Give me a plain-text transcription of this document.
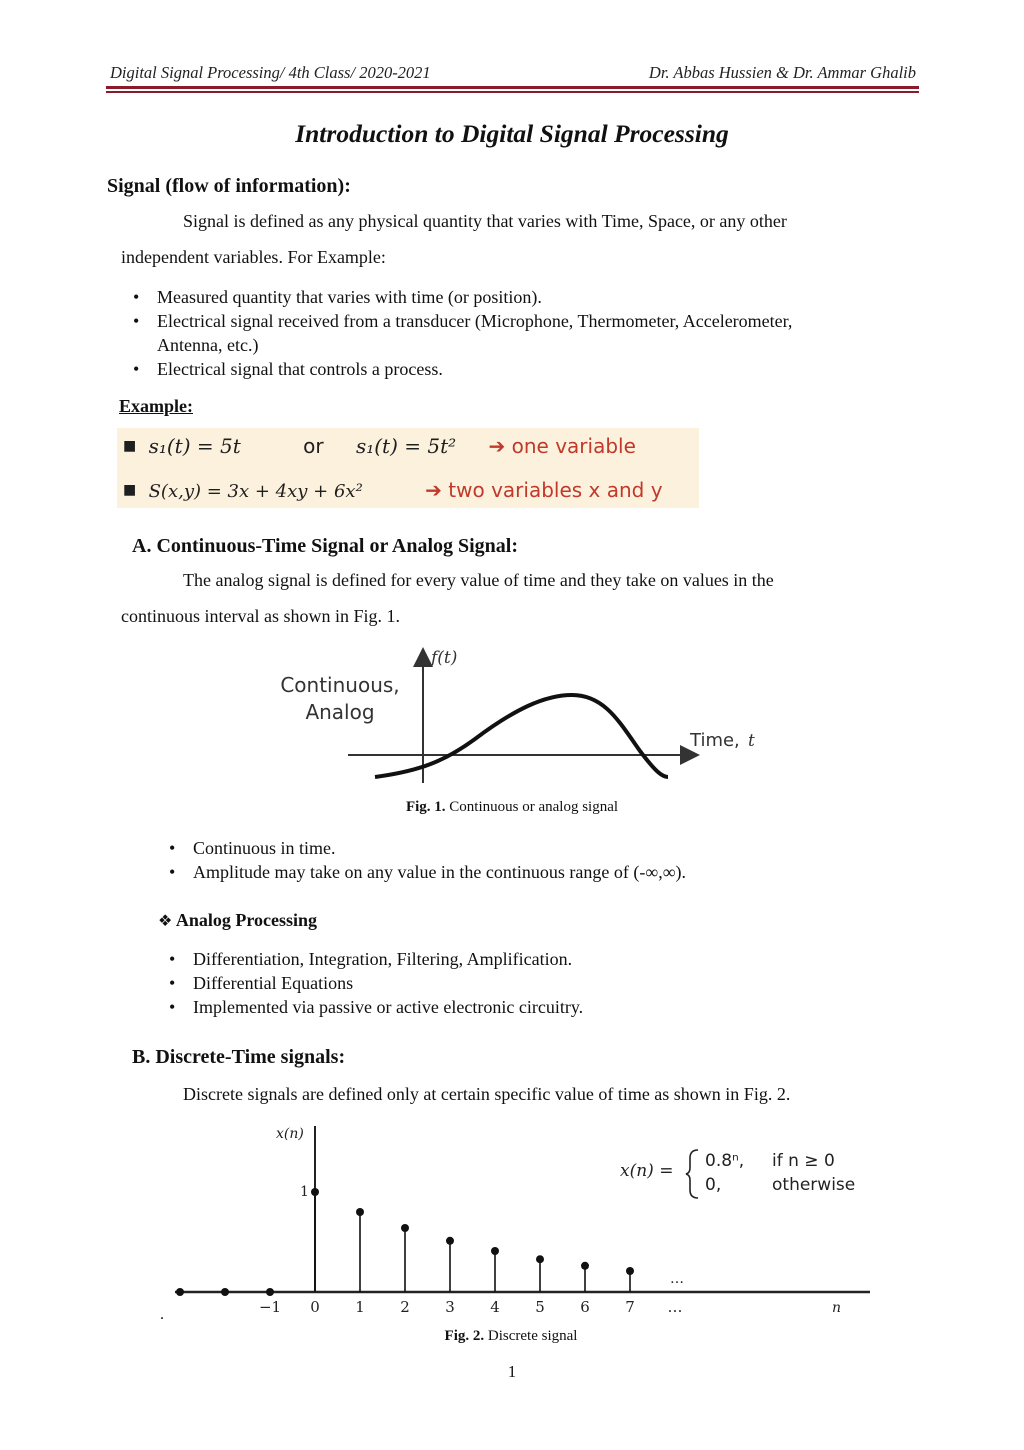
Digital Signal Processing/ 4th Class/ 2020-2021	Dr. Abbas Hussien & Dr. Ammar Ghalib
Introduction to Digital Signal Processing
Signal (flow of information):
Signal is defined as any physical quantity that varies with Time, Space, or any other
independent variables. For Example:
• Measured quantity that varies with time (or position).
• Electrical signal received from a transducer (Microphone, Thermometer, Accelerometer,
Antenna, etc.)
• Electrical signal that controls a process.
Example:
■ s₁(t) = 5t	or s₁(t) = 5t² ➔ one variable
■ S(x,y) = 3x + 4xy + 6x²	➔ two variables x and y
A. Continuous-Time Signal or Analog Signal:
The analog signal is defined for every value of time and they take on values in the
continuous interval as shown in Fig. 1.
Continuous,
Analog
f(t)
Time, t
Fig. 1. Continuous or analog signal
• Continuous in time.
• Amplitude may take on any value in the continuous range of (-∞,∞).
❖ Analog Processing
• Differentiation, Integration, Filtering, Amplification.
• Differential Equations
• Implemented via passive or active electronic circuitry.
B. Discrete-Time signals:
Discrete signals are defined only at certain specific value of time as shown in Fig. 2.
−1 0 1 2 3 4 5 6 7 …
x(n)
1
n
…
x(n) = 0.8ⁿ, if n ≥ 0
0,	otherwise
.
Fig. 2. Discrete signal
1
